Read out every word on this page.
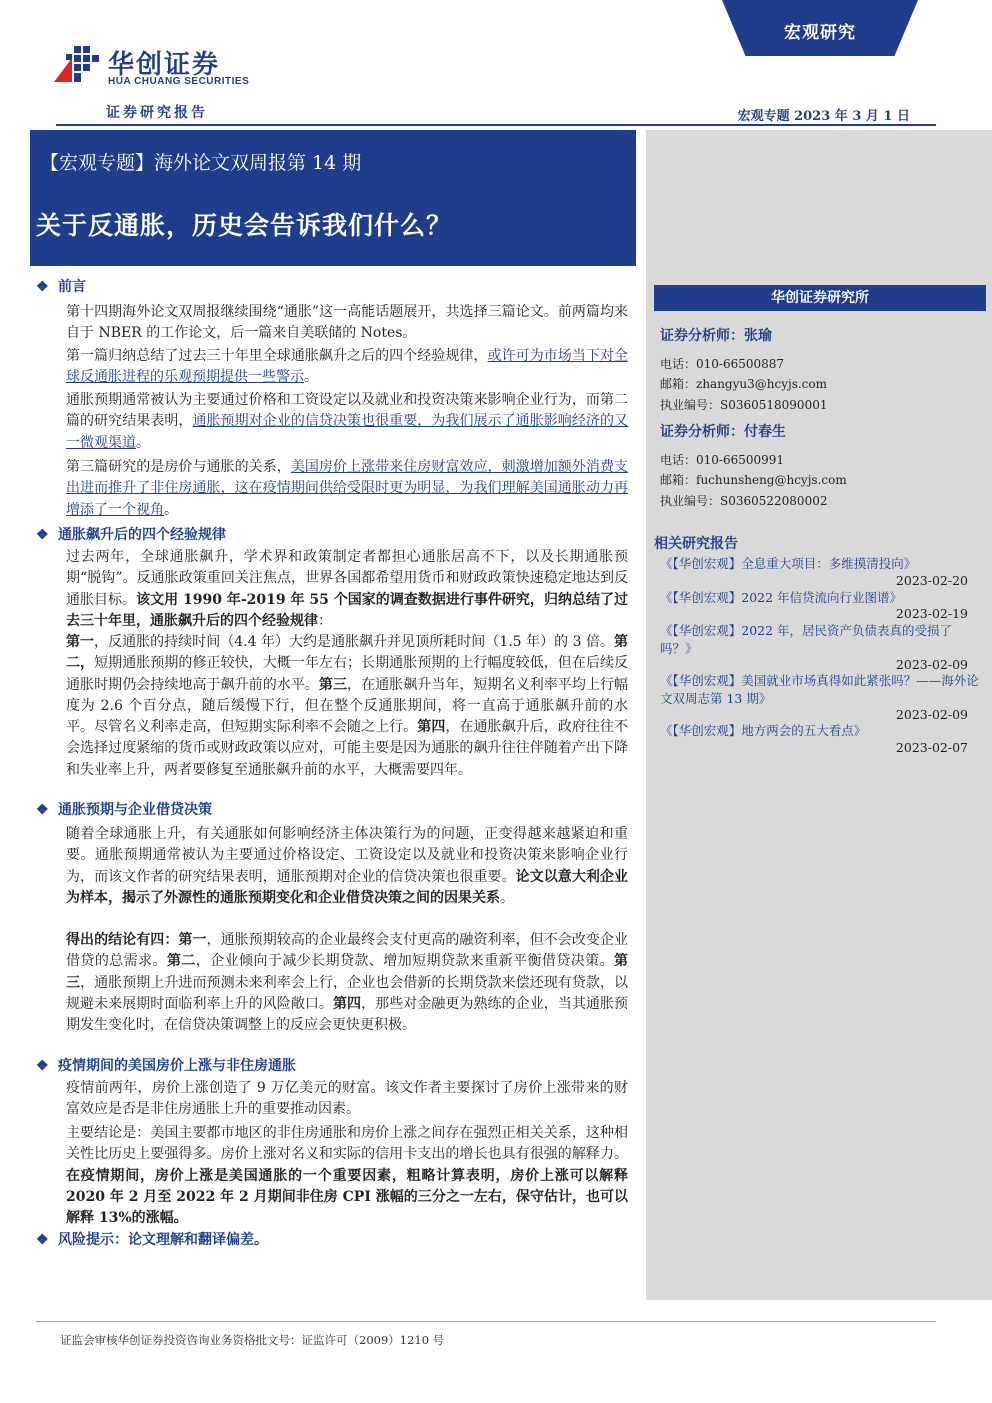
华创证券
HUA CHUANG SECURITIES
证券研究报告
宏观研究
宏观专题 2023 年 3 月 1 日
【宏观专题】海外论文双周报第 14 期
关于反通胀，历史会告诉我们什么？
华创证券研究所
证券分析师：张瑜
电话：010-66500887
邮箱：zhangyu3@hcyjs.com
执业编号：S0360518090001
证券分析师：付春生
电话：010-66500991
邮箱：fuchunsheng@hcyjs.com
执业编号：S0360522080002
相关研究报告
《【华创宏观】全息重大项目：多维摸清投向》
2023-02-20
《【华创宏观】2022 年信贷流向行业图谱》
2023-02-19
《【华创宏观】2022 年，居民资产负债表真的受损了吗？》
2023-02-09
《【华创宏观】美国就业市场真得如此紧张吗？——海外论文双周志第 13 期》
2023-02-09
《【华创宏观】地方两会的五大看点》
2023-02-07
❖ 前言
第十四期海外论文双周报继续围绕“通胀”这一高能话题展开，共选择三篇论文。前两篇均来自于 NBER 的工作论文，后一篇来自美联储的 Notes。
第一篇归纳总结了过去三十年里全球通胀飙升之后的四个经验规律，或许可为市场当下对全球反通胀进程的乐观预期提供一些警示。
通胀预期通常被认为主要通过价格和工资设定以及就业和投资决策来影响企业行为，而第二篇的研究结果表明，通胀预期对企业的信贷决策也很重要，为我们展示了通胀影响经济的又一微观渠道。
第三篇研究的是房价与通胀的关系，美国房价上涨带来住房财富效应，刺激增加额外消费支出进而推升了非住房通胀，这在疫情期间供给受限时更为明显，为我们理解美国通胀动力再增添了一个视角。
❖ 通胀飙升后的四个经验规律
过去两年，全球通胀飙升，学术界和政策制定者都担心通胀居高不下，以及长期通胀预期“脱钩”。反通胀政策重回关注焦点，世界各国都希望用货币和财政政策快速稳定地达到反通胀目标。该文用 1990 年-2019 年 55 个国家的调查数据进行事件研究，归纳总结了过去三十年里，通胀飙升后的四个经验规律：
第一，反通胀的持续时间（4.4 年）大约是通胀飙升并见顶所耗时间（1.5 年）的 3 倍。第二，短期通胀预期的修正较快，大概一年左右；长期通胀预期的上行幅度较低，但在后续反通胀时期仍会持续地高于飙升前的水平。第三，在通胀飙升当年，短期名义利率平均上行幅度为 2.6 个百分点，随后缓慢下行，但在整个反通胀期间，将一直高于通胀飙升前的水平。尽管名义利率走高，但短期实际利率不会随之上行。第四，在通胀飙升后，政府往往不会选择过度紧缩的货币或财政政策以应对，可能主要是因为通胀的飙升往往伴随着产出下降和失业率上升，两者要修复至通胀飙升前的水平，大概需要四年。
❖ 通胀预期与企业借贷决策
随着全球通胀上升，有关通胀如何影响经济主体决策行为的问题，正变得越来越紧迫和重要。通胀预期通常被认为主要通过价格设定、工资设定以及就业和投资决策来影响企业行为，而该文作者的研究结果表明，通胀预期对企业的信贷决策也很重要。论文以意大利企业为样本，揭示了外源性的通胀预期变化和企业借贷决策之间的因果关系。
得出的结论有四：第一，通胀预期较高的企业最终会支付更高的融资利率，但不会改变企业借贷的总需求。第二，企业倾向于减少长期贷款、增加短期贷款来重新平衡借贷决策。第三，通胀预期上升进而预测未来利率会上行，企业也会借新的长期贷款来偿还现有贷款，以规避未来展期时面临利率上升的风险敞口。第四，那些对金融更为熟练的企业，当其通胀预期发生变化时，在信贷决策调整上的反应会更快更积极。
❖ 疫情期间的美国房价上涨与非住房通胀
疫情前两年，房价上涨创造了 9 万亿美元的财富。该文作者主要探讨了房价上涨带来的财富效应是否是非住房通胀上升的重要推动因素。
主要结论是：美国主要都市地区的非住房通胀和房价上涨之间存在强烈正相关关系，这种相关性比历史上要强得多。房价上涨对名义和实际的信用卡支出的增长也具有很强的解释力。在疫情期间，房价上涨是美国通胀的一个重要因素，粗略计算表明，房价上涨可以解释 2020 年 2 月至 2022 年 2 月期间非住房 CPI 涨幅的三分之一左右，保守估计，也可以解释 13%的涨幅。
❖ 风险提示：论文理解和翻译偏差。
证监会审核华创证券投资咨询业务资格批文号：证监许可（2009）1210 号
